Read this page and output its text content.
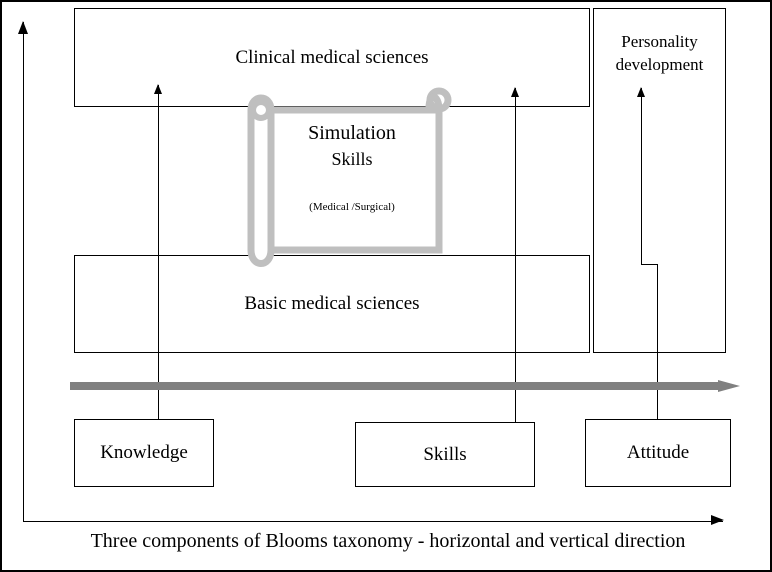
Clinical medical sciences
Basic medical sciences
Personality
development
Simulation
Skills
(Medical /Surgical)
Knowledge	Skills	Attitude
Three components of Blooms taxonomy - horizontal and vertical direction
